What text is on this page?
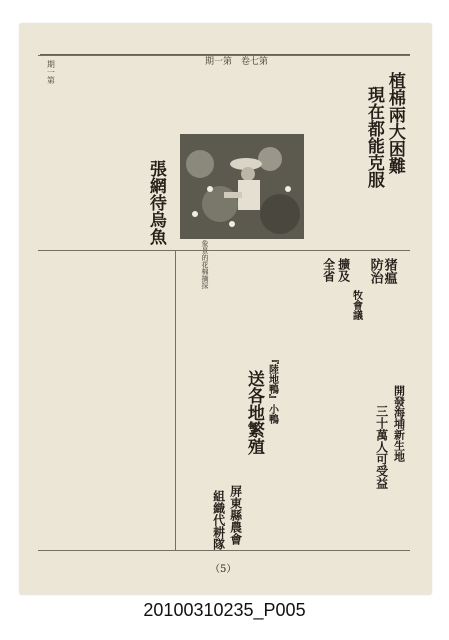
期一第　卷七第
期一第	植棉兩大困難
現在都能克服
象景的花棉摘採	猪瘟
防治
牧會議
擴及
全省
開發海埔新生地
三十萬人可受益
張網待烏魚
『陸地鴨』小鴨
送各地繁殖
屏東縣農會
組織代耕隊
（5）
20100310235_P005
